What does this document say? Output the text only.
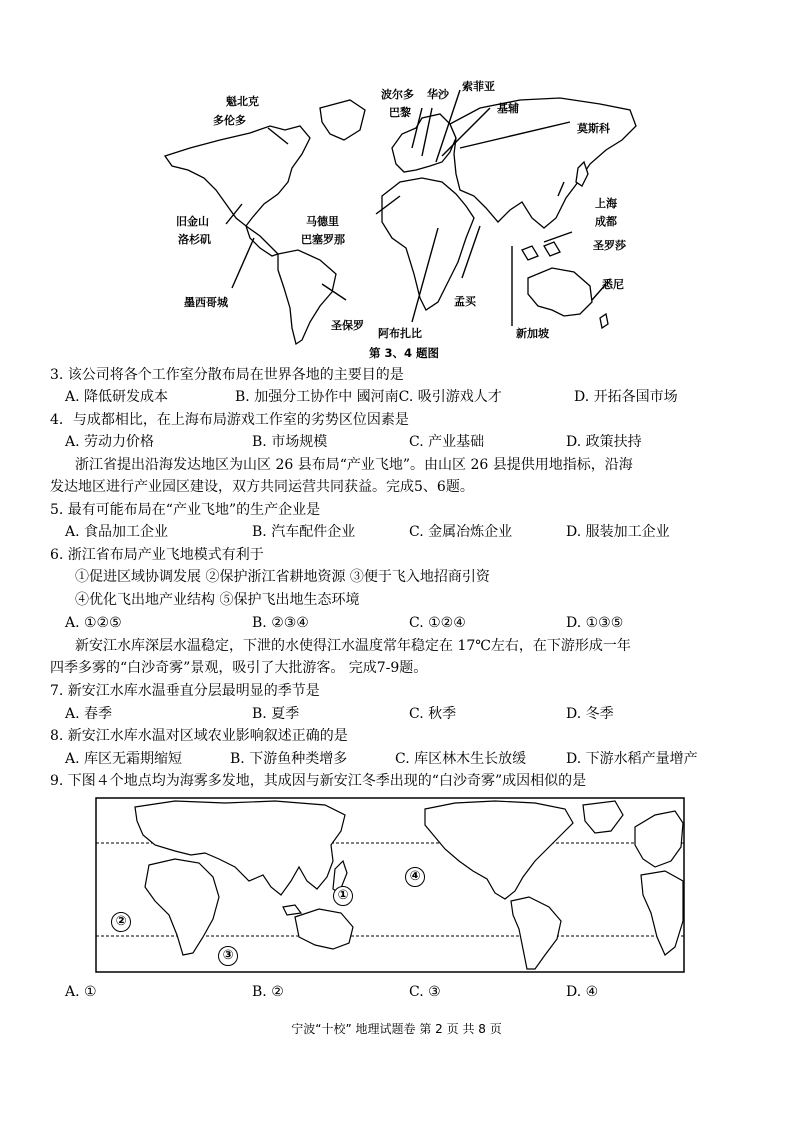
魁北克
多伦多
波尔多
巴黎
华沙
索菲亚
基辅
莫斯科
旧金山
洛杉矶
马德里
巴塞罗那
上海
成都
圣罗莎
墨西哥城
圣保罗
孟买
阿布扎比	新加坡
悉尼
第 3、4 题图
3. 该公司将各个工作室分散布局在世界各地的主要目的是
A. 降低研发成本	B. 加强分工协作中 國河南C. 吸引游戏人才	D. 开拓各国市场
4．与成都相比，在上海布局游戏工作室的劣势区位因素是
A. 劳动力价格	B. 市场规模	C. 产业基础	D. 政策扶持
浙江省提出沿海发达地区为山区 26 县布局“产业飞地”。由山区 26 县提供用地指标，沿海
发达地区进行产业园区建设，双方共同运营共同获益。完成5、6题。
5. 最有可能布局在“产业飞地”的生产企业是
A. 食品加工企业	B. 汽车配件企业	C. 金属冶炼企业	D. 服装加工企业
6. 浙江省布局产业飞地模式有利于
①促进区域协调发展 ②保护浙江省耕地资源 ③便于飞入地招商引资
④优化飞出地产业结构 ⑤保护飞出地生态环境
A. ①②⑤	B. ②③④	C. ①②④	D. ①③⑤
新安江水库深层水温稳定，下泄的水使得江水温度常年稳定在 17℃左右，在下游形成一年
四季多雾的“白沙奇雾”景观，吸引了大批游客。 完成7-9题。
7. 新安江水库水温垂直分层最明显的季节是
A. 春季	B. 夏季	C. 秋季	D. 冬季
8. 新安江水库水温对区域农业影响叙述正确的是
A. 库区无霜期缩短	B. 下游鱼种类增多	C. 库区林木生长放缓	D. 下游水稻产量增产
9. 下图４个地点均为海雾多发地，其成因与新安江冬季出现的“白沙奇雾”成因相似的是
①
②
③
④
A. ①	B. ②	C. ③	D. ④
宁波“十校” 地理试题卷 第 2 页 共 8 页
